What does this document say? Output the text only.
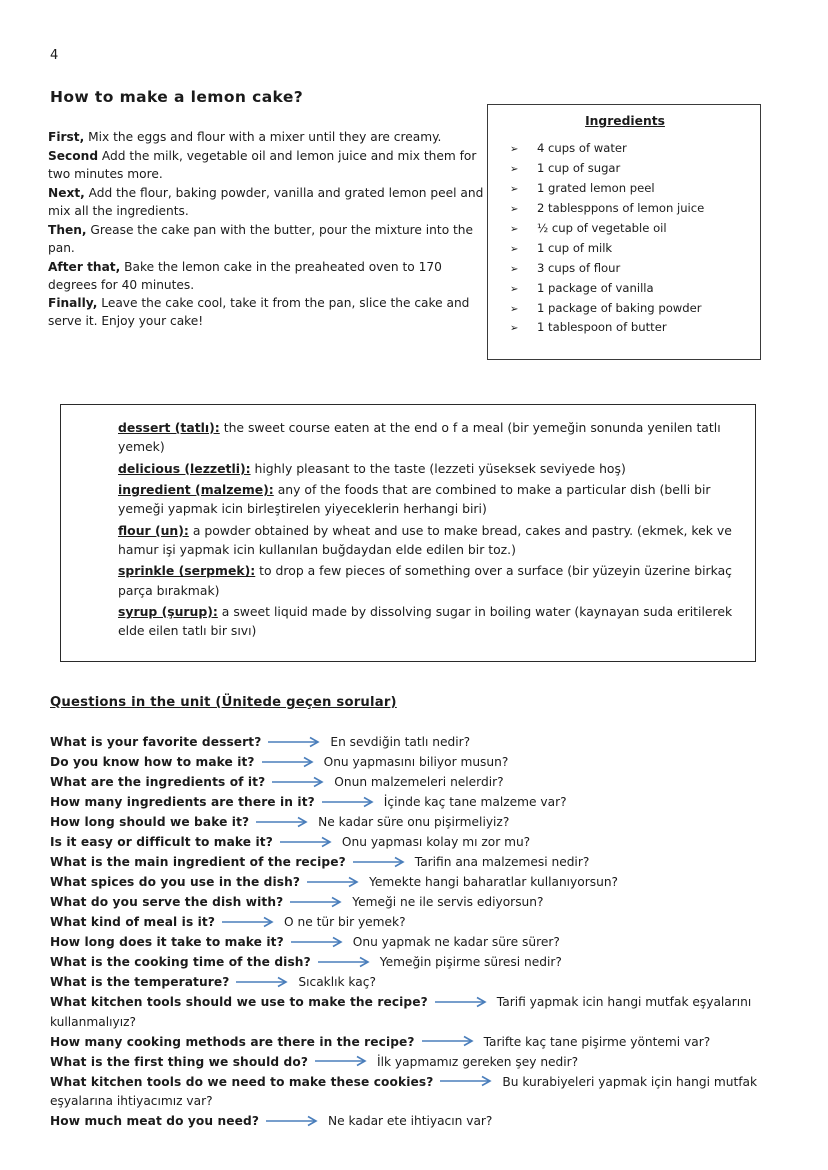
4
How to make a lemon cake?
First, Mix the eggs and flour with a mixer until they are creamy.
Second Add the milk, vegetable oil and lemon juice and mix them for two minutes more.
Next, Add the flour, baking powder, vanilla and grated lemon peel and mix all the ingredients.
Then, Grease the cake pan with the butter, pour the mixture into the pan.
After that, Bake the lemon cake in the preaheated oven to 170 degrees for 40 minutes.
Finally, Leave the cake cool, take it from the pan, slice the cake and serve it. Enjoy your cake!
Ingredients
➢	4 cups of water
➢	1 cup of sugar
➢	1 grated lemon peel
➢	2 tablesppons of lemon juice
➢	½ cup of vegetable oil
➢	1 cup of milk
➢	3 cups of flour
➢	1 package of vanilla
➢	1 package of baking powder
➢	1 tablespoon of butter
dessert (tatlı): the sweet course eaten at the end o f a meal (bir yemeğin sonunda yenilen tatlı yemek)
delicious (lezzetli): highly pleasant to the taste (lezzeti yüseksek seviyede hoş)
ingredient (malzeme): any of the foods that are combined to make a particular dish (belli bir yemeği yapmak icin birleştirelen yiyeceklerin herhangi biri)
flour (un): a powder obtained by wheat and use to make bread, cakes and pastry. (ekmek, kek ve hamur işi yapmak icin kullanılan buğdaydan elde edilen bir toz.)
sprinkle (serpmek): to drop a few pieces of something over a surface (bir yüzeyin üzerine birkaç parça bırakmak)
syrup (şurup): a sweet liquid made by dissolving sugar in boiling water (kaynayan suda eritilerek elde eilen tatlı bir sıvı)
Questions in the unit (Ünitede geçen sorular)
What is your favorite dessert?	En sevdiğin tatlı nedir?
Do you know how to make it?	Onu yapmasını biliyor musun?
What are the ingredients of it?	Onun malzemeleri nelerdir?
How many ingredients are there in it?	İçinde kaç tane malzeme var?
How long should we bake it?	Ne kadar süre onu pişirmeliyiz?
Is it easy or difficult to make it?	Onu yapması kolay mı zor mu?
What is the main ingredient of the recipe?	Tarifin ana malzemesi nedir?
What spices do you use in the dish?	Yemekte hangi baharatlar kullanıyorsun?
What do you serve the dish with?	Yemeği ne ile servis ediyorsun?
What kind of meal is it?	O ne tür bir yemek?
How long does it take to make it?	Onu yapmak ne kadar süre sürer?
What is the cooking time of the dish?	Yemeğin pişirme süresi nedir?
What is the temperature?	Sıcaklık kaç?
What kitchen tools should we use to make the recipe?	Tarifi yapmak icin hangi mutfak eşyalarını kullanmalıyız?
How many cooking methods are there in the recipe?	Tarifte kaç tane pişirme yöntemi var?
What is the first thing we should do?	İlk yapmamız gereken şey nedir?
What kitchen tools do we need to make these cookies?	Bu kurabiyeleri yapmak için hangi mutfak eşyalarına ihtiyacımız var?
How much meat do you need?	Ne kadar ete ihtiyacın var?
